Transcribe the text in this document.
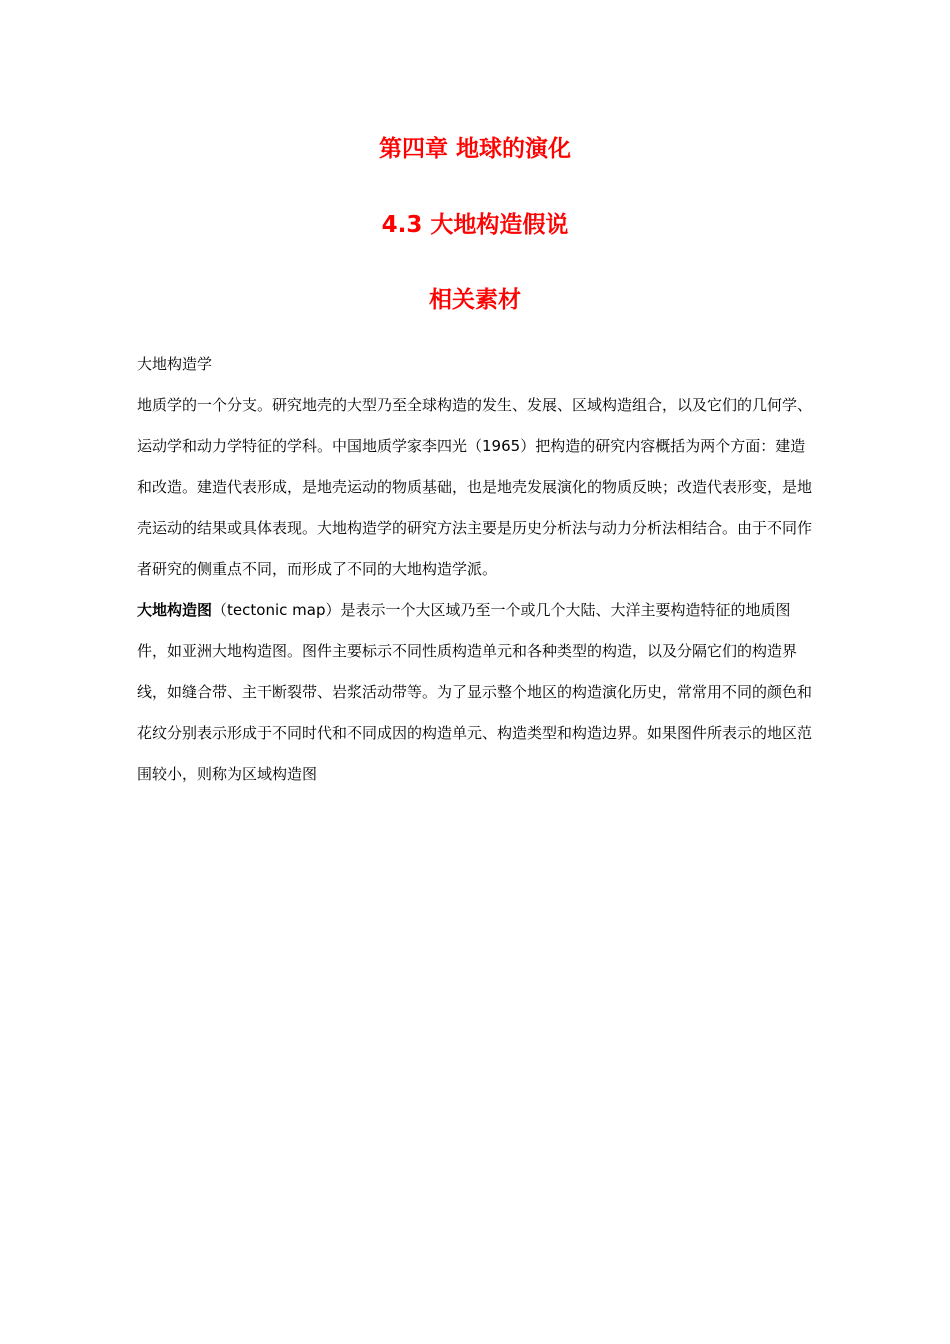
第四章 地球的演化
4.3 大地构造假说
相关素材

大地构造学

地质学的一个分支。研究地壳的大型乃至全球构造的发生、发展、区域构造组合，以及它们的几何学、运动学和动力学特征的学科。中国地质学家李四光（1965）把构造的研究内容概括为两个方面：建造和改造。建造代表形成，是地壳运动的物质基础，也是地壳发展演化的物质反映；改造代表形变，是地壳运动的结果或具体表现。大地构造学的研究方法主要是历史分析法与动力分析法相结合。由于不同作者研究的侧重点不同，而形成了不同的大地构造学派。

大地构造图（tectonic map）是表示一个大区域乃至一个或几个大陆、大洋主要构造特征的地质图件，如亚洲大地构造图。图件主要标示不同性质构造单元和各种类型的构造，以及分隔它们的构造界线，如缝合带、主干断裂带、岩浆活动带等。为了显示整个地区的构造演化历史，常常用不同的颜色和花纹分别表示形成于不同时代和不同成因的构造单元、构造类型和构造边界。如果图件所表示的地区范围较小，则称为区域构造图
